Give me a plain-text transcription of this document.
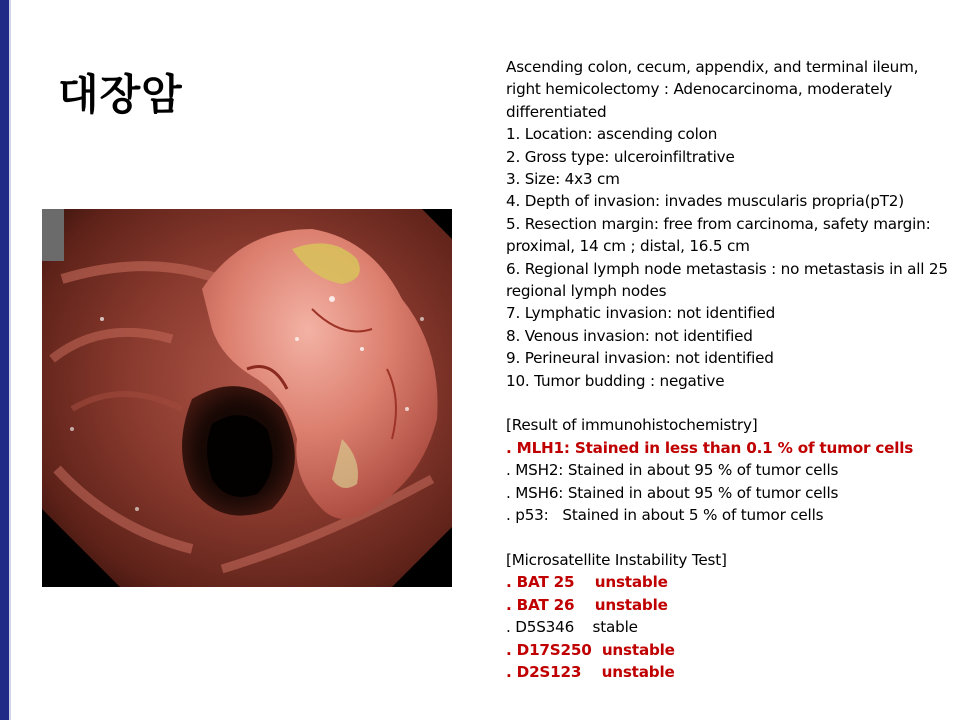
대장암

Ascending colon, cecum, appendix, and terminal ileum, right hemicolectomy : Adenocarcinoma, moderately differentiated

1. Location: ascending colon

2. Gross type: ulceroinfiltrative

3. Size: 4x3 cm

4. Depth of invasion: invades muscularis propria(pT2)

5. Resection margin: free from carcinoma, safety margin: proximal, 14 cm ; distal, 16.5 cm

6. Regional lymph node metastasis : no metastasis in all 25 regional lymph nodes

7. Lymphatic invasion: not identified

8. Venous invasion: not identified

9. Perineural invasion: not identified

10. Tumor budding : negative

[Result of immunohistochemistry]

. MLH1: Stained in less than 0.1 % of tumor cells

. MSH2: Stained in about 95 % of tumor cells

. MSH6: Stained in about 95 % of tumor cells

. p53:   Stained in about 5 % of tumor cells

[Microsatellite Instability Test]

. BAT 25    unstable

. BAT 26    unstable

. D5S346    stable

. D17S250  unstable

. D2S123    unstable
